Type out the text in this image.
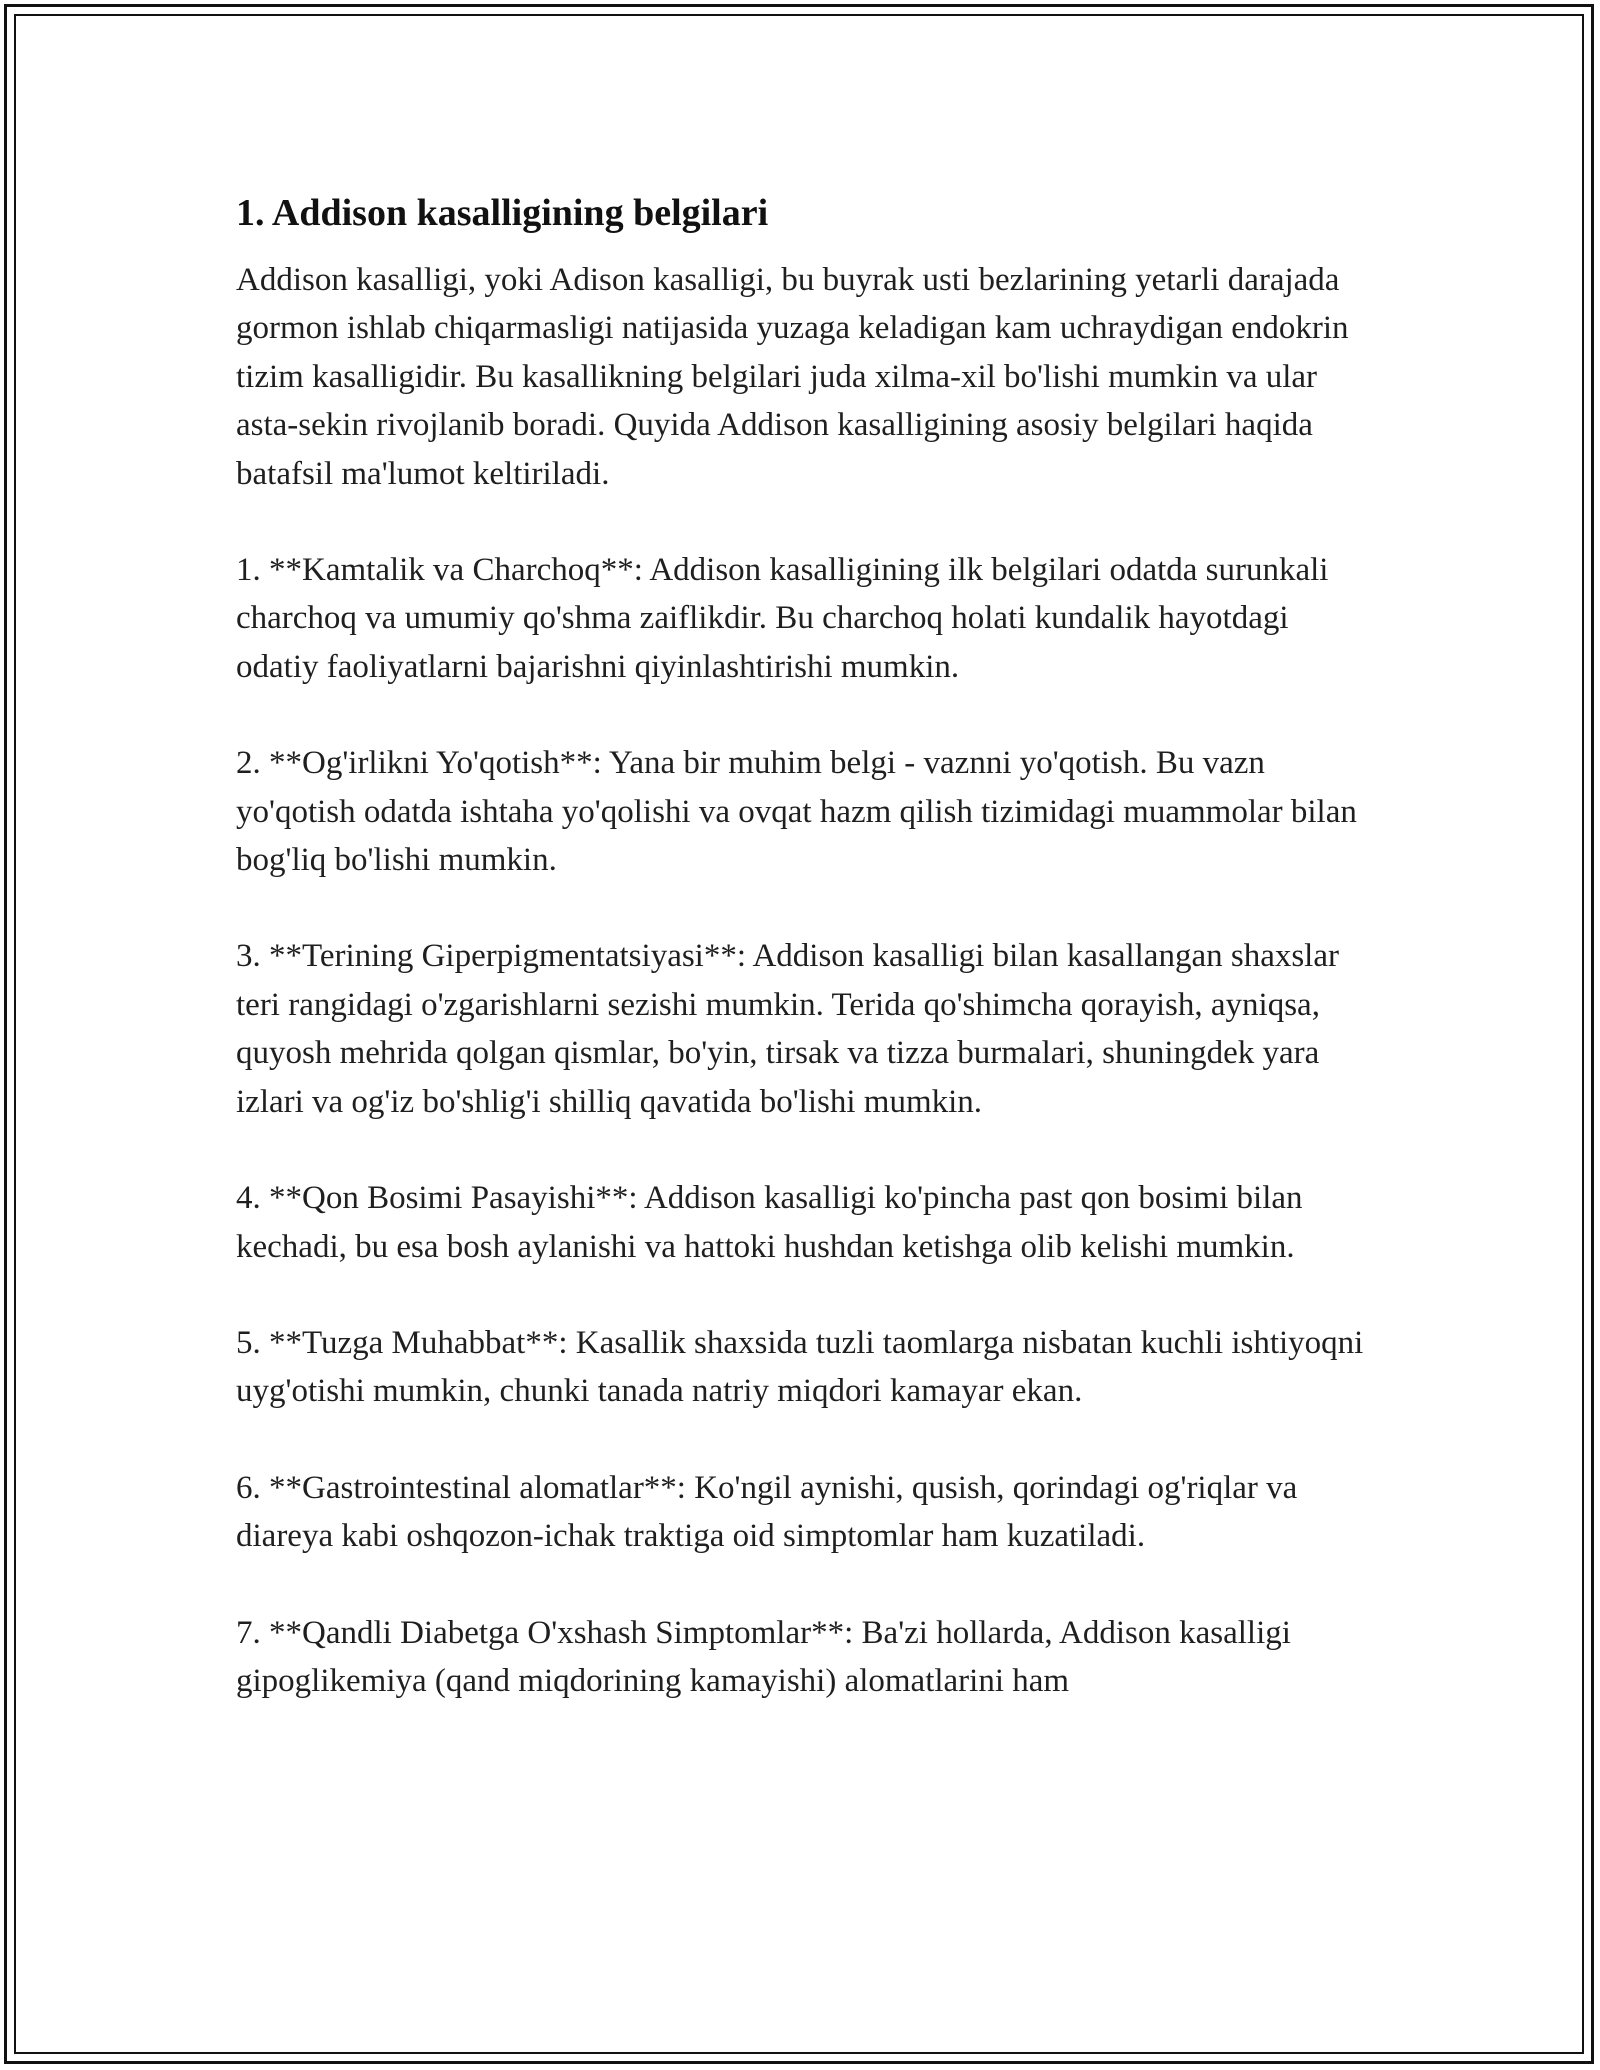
1. Addison kasalligining belgilari

Addison kasalligi, yoki Adison kasalligi, bu buyrak usti bezlarining yetarli darajada gormon ishlab chiqarmasligi natijasida yuzaga keladigan kam uchraydigan endokrin tizim kasalligidir. Bu kasallikning belgilari juda xilma-xil bo'lishi mumkin va ular asta-sekin rivojlanib boradi. Quyida Addison kasalligining asosiy belgilari haqida batafsil ma'lumot keltiriladi.

1. **Kamtalik va Charchoq**: Addison kasalligining ilk belgilari odatda surunkali charchoq va umumiy qo'shma zaiflikdir. Bu charchoq holati kundalik hayotdagi odatiy faoliyatlarni bajarishni qiyinlashtirishi mumkin.

2. **Og'irlikni Yo'qotish**: Yana bir muhim belgi - vaznni yo'qotish. Bu vazn yo'qotish odatda ishtaha yo'qolishi va ovqat hazm qilish tizimidagi muammolar bilan bog'liq bo'lishi mumkin.

3. **Terining Giperpigmentatsiyasi**: Addison kasalligi bilan kasallangan shaxslar teri rangidagi o'zgarishlarni sezishi mumkin. Terida qo'shimcha qorayish, ayniqsa, quyosh mehrida qolgan qismlar, bo'yin, tirsak va tizza burmalari, shuningdek yara izlari va og'iz bo'shlig'i shilliq qavatida bo'lishi mumkin.

4. **Qon Bosimi Pasayishi**: Addison kasalligi ko'pincha past qon bosimi bilan kechadi, bu esa bosh aylanishi va hattoki hushdan ketishga olib kelishi mumkin.

5. **Tuzga Muhabbat**: Kasallik shaxsida tuzli taomlarga nisbatan kuchli ishtiyoqni uyg'otishi mumkin, chunki tanada natriy miqdori kamayar ekan.

6. **Gastrointestinal alomatlar**: Ko'ngil aynishi, qusish, qorindagi og'riqlar va diareya kabi oshqozon-ichak traktiga oid simptomlar ham kuzatiladi.

7. **Qandli Diabetga O'xshash Simptomlar**: Ba'zi hollarda, Addison kasalligi gipoglikemiya (qand miqdorining kamayishi) alomatlarini ham
